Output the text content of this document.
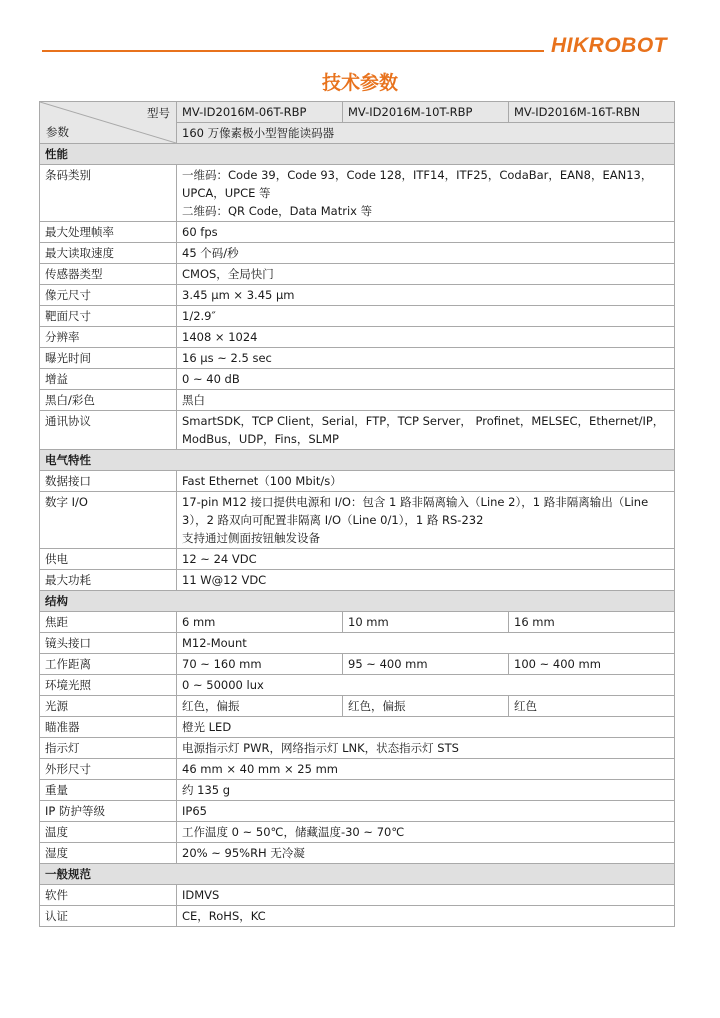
HIKROBOT
技术参数
型号
参数	MV-ID2016M-06T-RBP	MV-ID2016M-10T-RBP	MV-ID2016M-16T-RBN
	160 万像素极小型智能读码器		
性能			
条码类别	一维码：Code 39，Code 93，Code 128，ITF14，ITF25，CodaBar，EAN8，EAN13，UPCA，UPCE 等
二维码：QR Code，Data Matrix 等		

最大处理帧率	60 fps		
最大读取速度	45 个码/秒		
传感器类型	CMOS，全局快门		
像元尺寸	3.45 μm × 3.45 μm		
靶面尺寸	1/2.9″		
分辨率	1408 × 1024		
曝光时间	16 μs ~ 2.5 sec		
增益	0 ~ 40 dB		
黑白/彩色	黑白		
通讯协议	SmartSDK，TCP Client，Serial，FTP，TCP Server， Profinet，MELSEC，Ethernet/IP，ModBus，UDP，Fins，SLMP		
电气特性			
数据接口	Fast Ethernet（100 Mbit/s）		
数字 I/O	17-pin M12 接口提供电源和 I/O：包含 1 路非隔离输入（Line 2），1 路非隔离输出（Line 3），2 路双向可配置非隔离 I/O（Line 0/1），1 路 RS-232
支持通过侧面按钮触发设备		

供电	12 ~ 24 VDC		
最大功耗	11 W@12 VDC		
结构			
焦距	6 mm	10 mm	16 mm
镜头接口	M12-Mount		
工作距离	70 ~ 160 mm	95 ~ 400 mm	100 ~ 400 mm
环境光照	0 ~ 50000 lux		
光源	红色，偏振	红色，偏振	红色
瞄准器	橙光 LED		
指示灯	电源指示灯 PWR，网络指示灯 LNK，状态指示灯 STS		
外形尺寸	46 mm × 40 mm × 25 mm		
重量	约 135 g		
IP 防护等级	IP65		
温度	工作温度 0 ~ 50℃，储藏温度-30 ~ 70℃		
湿度	20% ~ 95%RH 无冷凝		
一般规范			
软件	IDMVS		
认证	CE，RoHS，KC		
